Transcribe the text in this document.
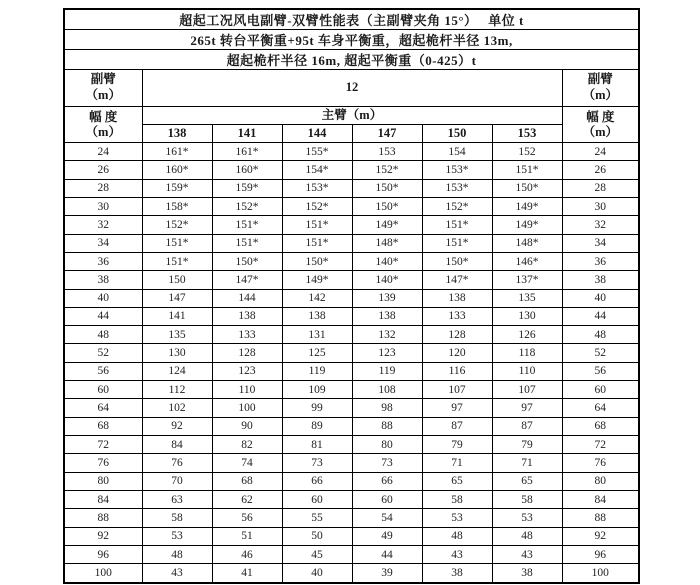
超起工况风电副臂-双臂性能表（主副臂夹角 15°）　 单位 t							
265t 转台平衡重+95t 车身平衡重，超起桅杆半径 13m,							
超起桅杆半径 16m, 超起平衡重（0-425）t							
副臂
（m）	12						副臂
（m）
幅 度
（m）	主臂（m）						幅 度
（m）
	138	141	144	147	150	153	
24	161*	161*	155*	153	154	152	24
26	160*	160*	154*	152*	153*	151*	26
28	159*	159*	153*	150*	153*	150*	28
30	158*	152*	152*	150*	152*	149*	30
32	152*	151*	151*	149*	151*	149*	32
34	151*	151*	151*	148*	151*	148*	34
36	151*	150*	150*	140*	150*	146*	36
38	150	147*	149*	140*	147*	137*	38
40	147	144	142	139	138	135	40
44	141	138	138	138	133	130	44
48	135	133	131	132	128	126	48
52	130	128	125	123	120	118	52
56	124	123	119	119	116	110	56
60	112	110	109	108	107	107	60
64	102	100	99	98	97	97	64
68	92	90	89	88	87	87	68
72	84	82	81	80	79	79	72
76	76	74	73	73	71	71	76
80	70	68	66	66	65	65	80
84	63	62	60	60	58	58	84
88	58	56	55	54	53	53	88
92	53	51	50	49	48	48	92
96	48	46	45	44	43	43	96
100	43	41	40	39	38	38	100
